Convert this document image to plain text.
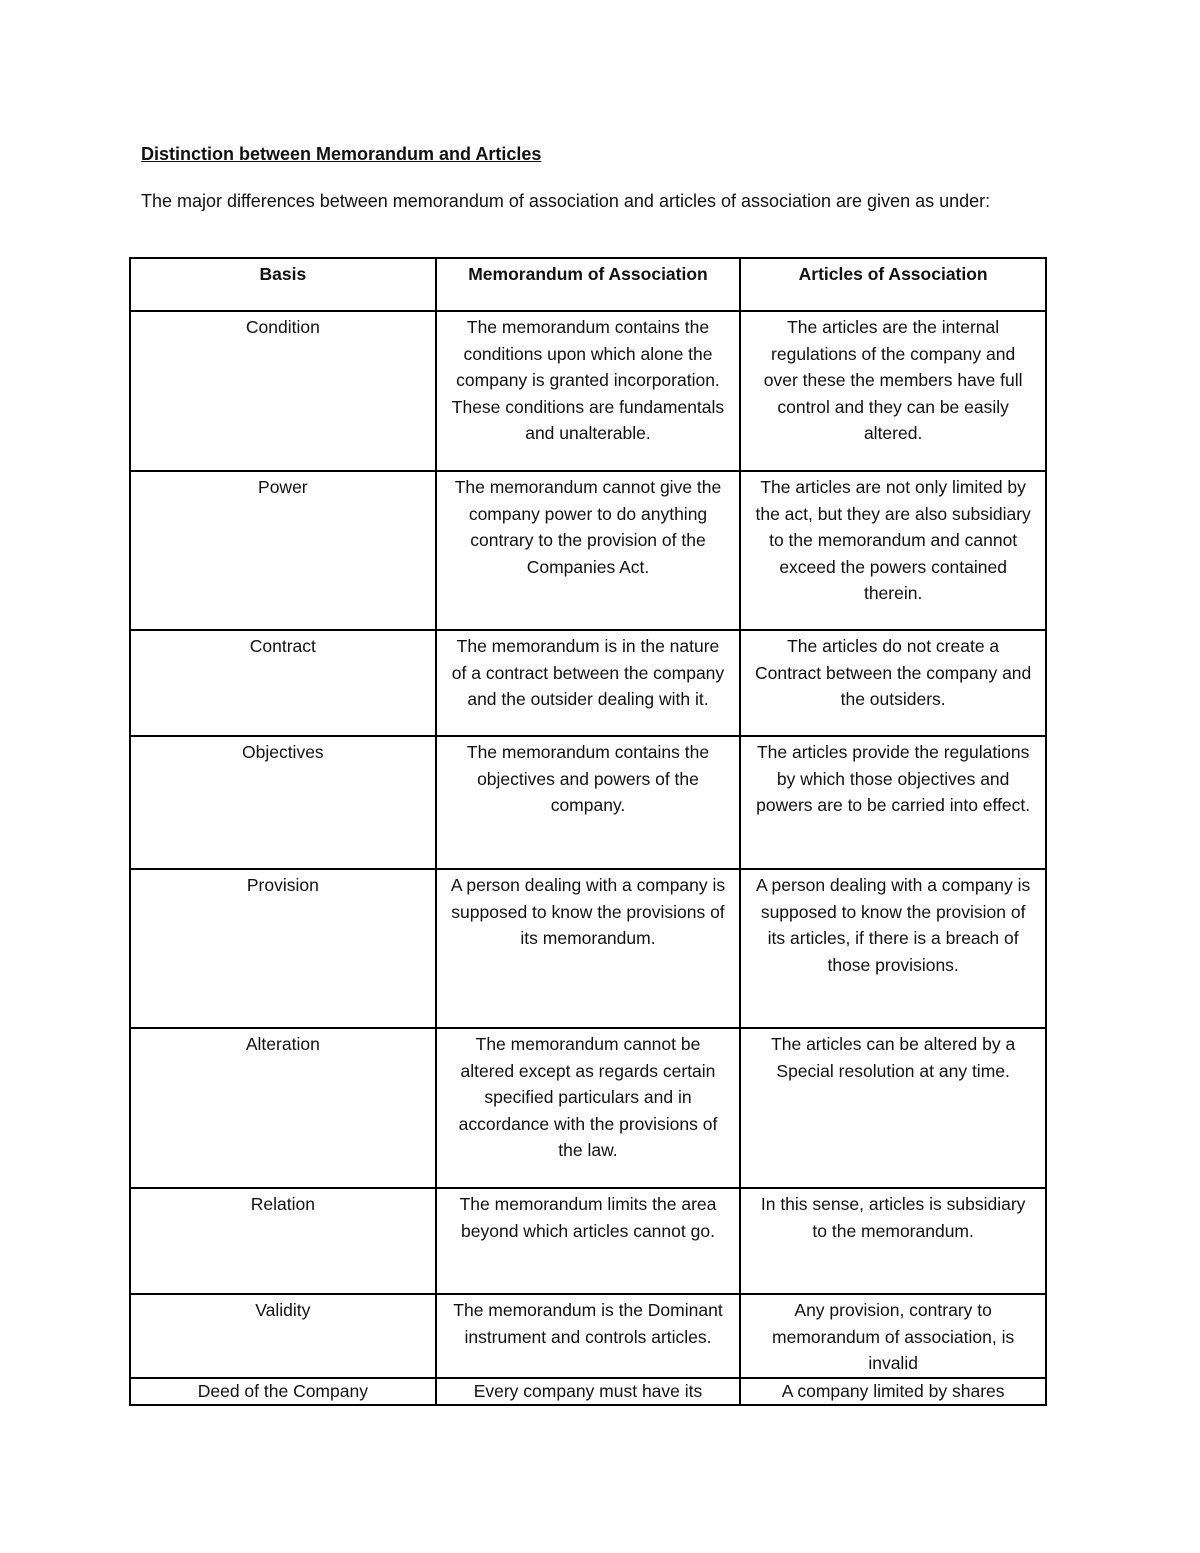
Distinction between Memorandum and Articles
The major differences between memorandum of association and articles of association are given as under:
Basis	Memorandum of Association	Articles of Association
Condition	The memorandum contains the conditions upon which alone the company is granted incorporation. These conditions are fundamentals and unalterable.	The articles are the internal regulations of the company and over these the members have full control and they can be easily altered.
Power	The memorandum cannot give the company power to do anything contrary to the provision of the Companies Act.	The articles are not only limited by the act, but they are also subsidiary to the memorandum and cannot exceed the powers contained therein.
Contract	The memorandum is in the nature of a contract between the company and the outsider dealing with it.	The articles do not create a Contract between the company and the outsiders.
Objectives	The memorandum contains the objectives and powers of the company.	The articles provide the regulations by which those objectives and powers are to be carried into effect.
Provision	A person dealing with a company is supposed to know the provisions of its memorandum.	A person dealing with a company is supposed to know the provision of its articles, if there is a breach of those provisions.
Alteration	The memorandum cannot be altered except as regards certain specified particulars and in accordance with the provisions of the law.	The articles can be altered by a Special resolution at any time.
Relation	The memorandum limits the area beyond which articles cannot go.	In this sense, articles is subsidiary to the memorandum.
Validity	The memorandum is the Dominant instrument and controls articles.	Any provision, contrary to memorandum of association, is invalid
Deed of the Company	Every company must have its	A company limited by shares
